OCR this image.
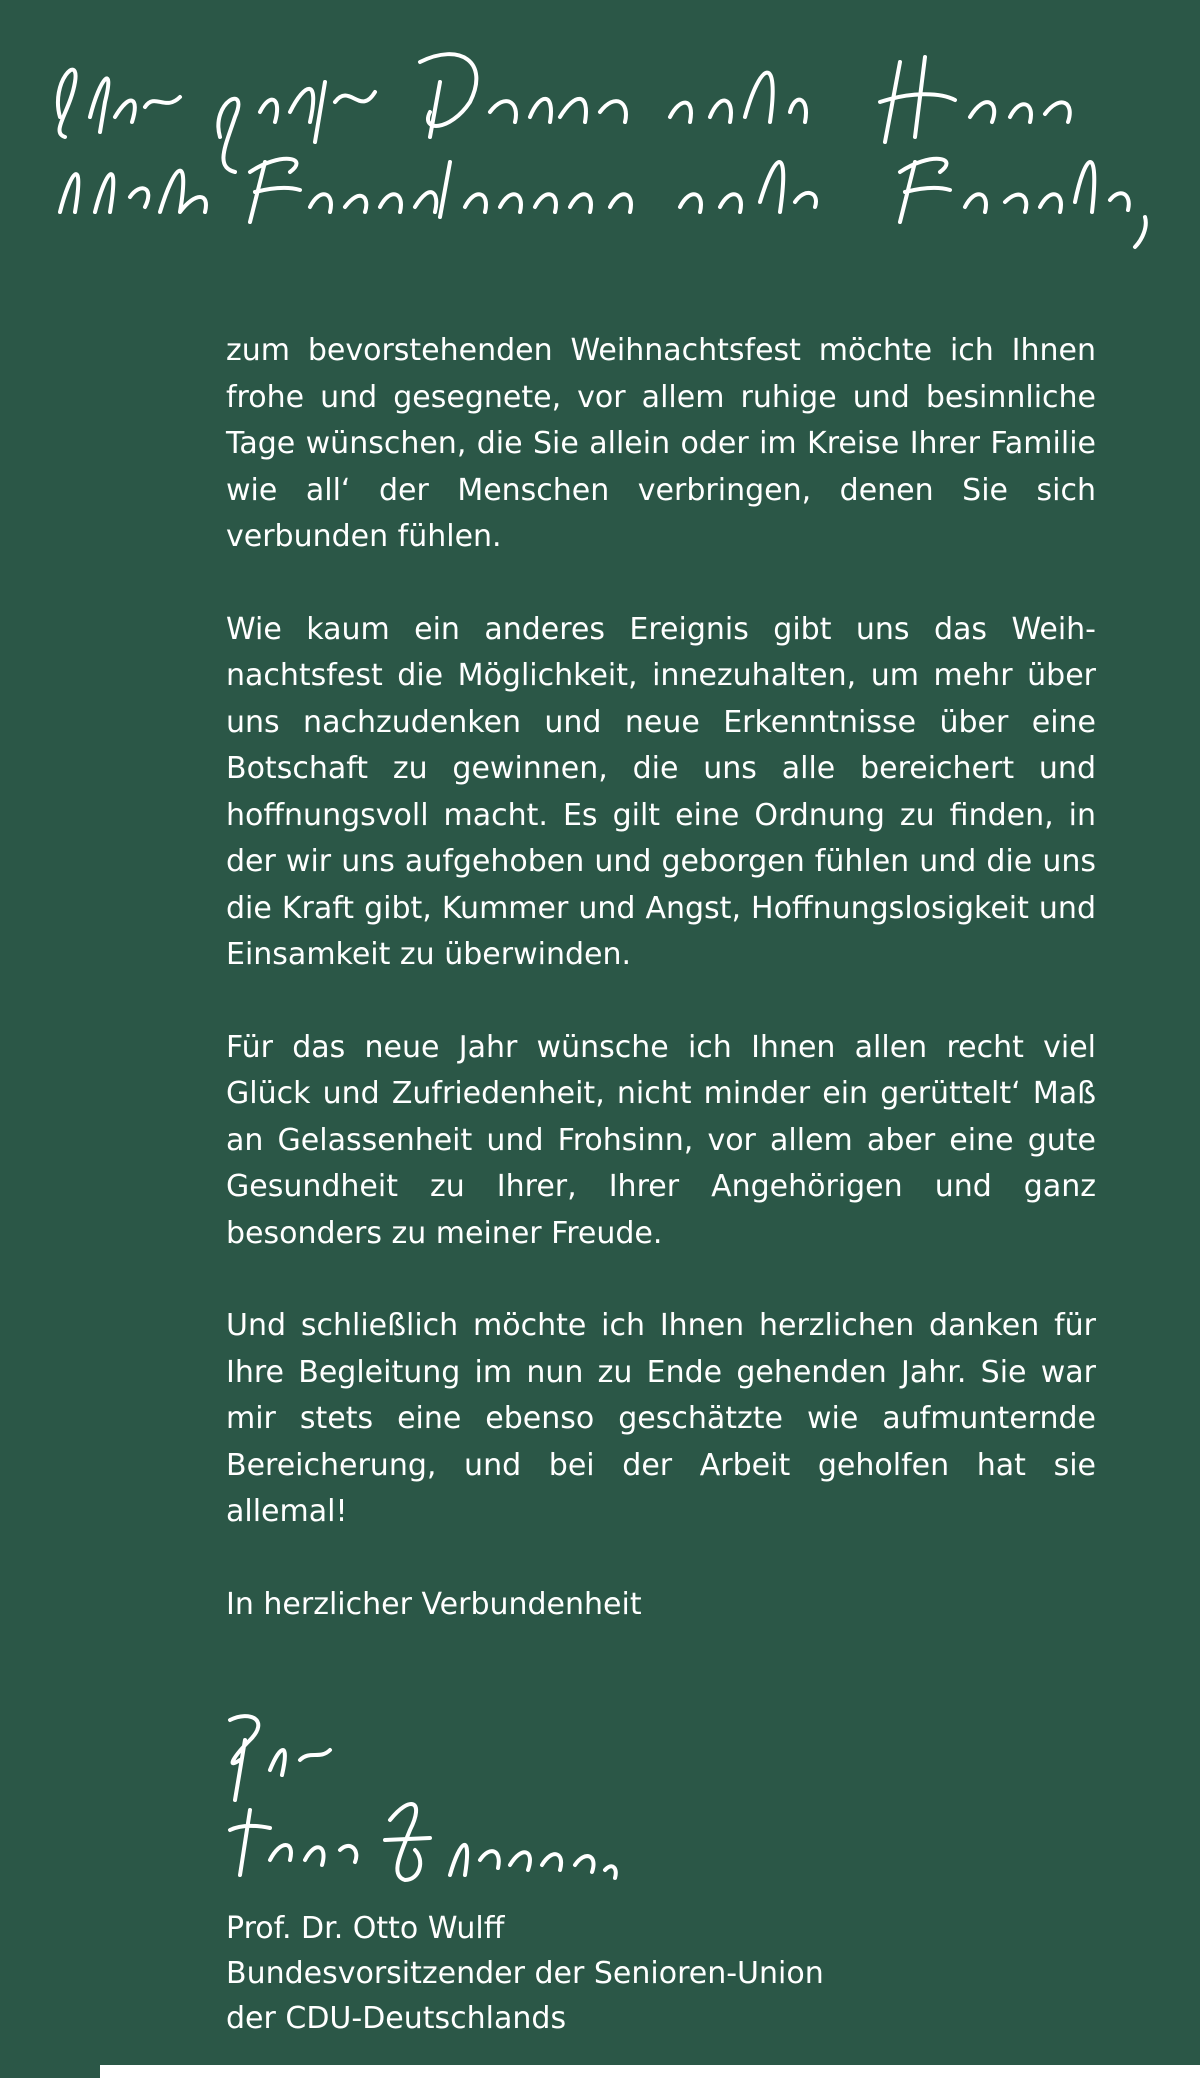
Sehr geehrte Damen und Herren, liebe Freundinnen und Freunde,

zum bevorstehenden Weihnachtsfest möchte ich Ihnen frohe und gesegnete, vor allem ruhige und besinnliche Tage wünschen, die Sie allein oder im Kreise Ihrer Familie wie all‘ der Menschen verbringen, denen Sie sich verbunden fühlen.

Wie kaum ein anderes Ereignis gibt uns das Weihnachtsfest die Möglichkeit, innezuhalten, um mehr über uns nachzudenken und neue Erkenntnisse über eine Botschaft zu gewinnen, die uns alle bereichert und hoffnungsvoll macht. Es gilt eine Ordnung zu finden, in der wir uns aufgehoben und geborgen fühlen und die uns die Kraft gibt, Kummer und Angst, Hoffnungslosigkeit und Einsamkeit zu überwinden.

Für das neue Jahr wünsche ich Ihnen allen recht viel Glück und Zufriedenheit, nicht minder ein gerüttelt‘ Maß an Gelassenheit und Frohsinn, vor allem aber eine gute Gesundheit zu Ihrer, Ihrer Angehörigen und ganz besonders zu meiner Freude.

Und schließlich möchte ich Ihnen herzlichen danken für Ihre Begleitung im nun zu Ende gehenden Jahr. Sie war mir stets eine ebenso geschätzte wie aufmunternde Bereicherung, und bei der Arbeit geholfen hat sie allemal!

In herzlicher Verbundenheit

Ihr Otto Wulff
Prof. Dr. Otto Wulff
Bundesvorsitzender der Senioren-Union
der CDU-Deutschlands
